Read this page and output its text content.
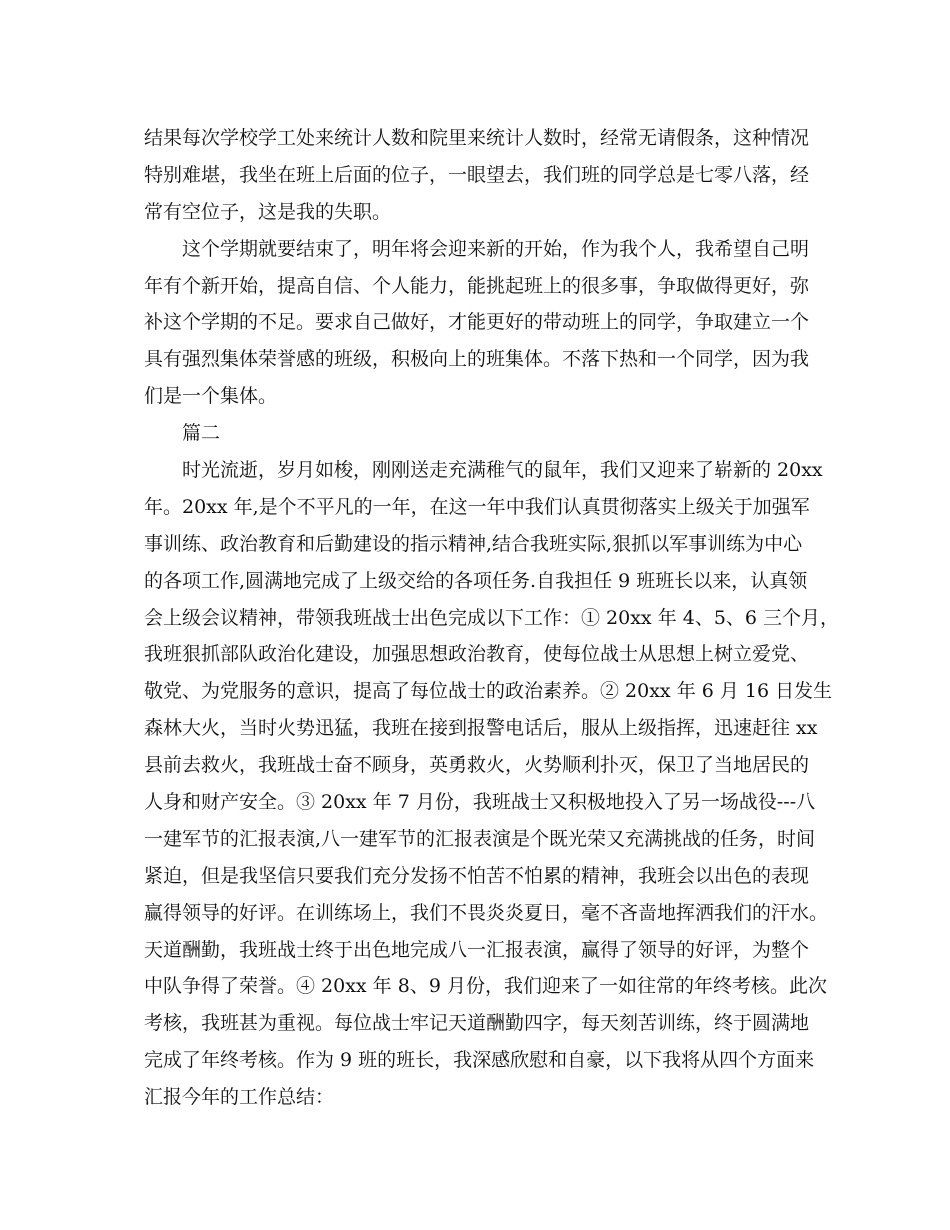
结果每次学校学工处来统计人数和院里来统计人数时，经常无请假条，这种情况
特别难堪，我坐在班上后面的位子，一眼望去，我们班的同学总是七零八落，经
常有空位子，这是我的失职。
　　这个学期就要结束了，明年将会迎来新的开始，作为我个人，我希望自己明
年有个新开始，提高自信、个人能力，能挑起班上的很多事，争取做得更好，弥
补这个学期的不足。要求自己做好，才能更好的带动班上的同学，争取建立一个
具有强烈集体荣誉感的班级，积极向上的班集体。不落下热和一个同学，因为我
们是一个集体。
　　篇二
　　时光流逝，岁月如梭，刚刚送走充满稚气的鼠年，我们又迎来了崭新的 20xx
年。20xx 年,是个不平凡的一年，在这一年中我们认真贯彻落实上级关于加强军
事训练、政治教育和后勤建设的指示精神,结合我班实际,狠抓以军事训练为中心
的各项工作,圆满地完成了上级交给的各项任务.自我担任 9 班班长以来，认真领
会上级会议精神，带领我班战士出色完成以下工作：① 20xx 年 4、5、6 三个月，
我班狠抓部队政治化建设，加强思想政治教育，使每位战士从思想上树立爱党、
敬党、为党服务的意识，提高了每位战士的政治素养。② 20xx 年 6 月 16 日发生
森林大火，当时火势迅猛，我班在接到报警电话后，服从上级指挥，迅速赶往 xx
县前去救火，我班战士奋不顾身，英勇救火，火势顺利扑灭，保卫了当地居民的
人身和财产安全。③ 20xx 年 7 月份，我班战士又积极地投入了另一场战役---八
一建军节的汇报表演,八一建军节的汇报表演是个既光荣又充满挑战的任务，时间
紧迫，但是我坚信只要我们充分发扬不怕苦不怕累的精神，我班会以出色的表现
赢得领导的好评。在训练场上，我们不畏炎炎夏日，毫不吝啬地挥洒我们的汗水。
天道酬勤，我班战士终于出色地完成八一汇报表演，赢得了领导的好评，为整个
中队争得了荣誉。④ 20xx 年 8、9 月份，我们迎来了一如往常的年终考核。此次
考核，我班甚为重视。每位战士牢记天道酬勤四字，每天刻苦训练，终于圆满地
完成了年终考核。作为 9 班的班长，我深感欣慰和自豪，以下我将从四个方面来
汇报今年的工作总结：
